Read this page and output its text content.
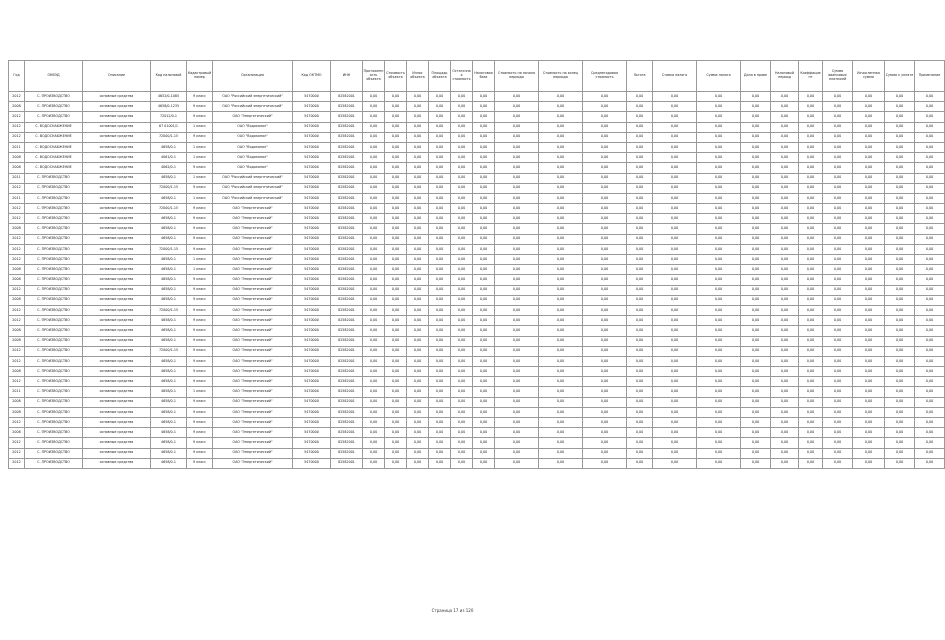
Год	ОКВЭД	Описание	Код налоговой	Кадастровый номер	Организация	Код ОКТМО	ИНН	Протяженность объекта	Стоимость объекта	Износ объекта	Площадь объекта	Остаточная стоимость	Налоговая база	Стоимость на начало периода	Стоимость на конец периода	Среднегодовая стоимость	Льгота	Ставка налога	Сумма налога	Доля в праве	Налоговый период	Коэффициент	Сумма авансовых платежей	Исчисленная сумма	Сумма к уплате	Примечание
2012	С. ПРОИЗВОДСТВО	основные средства	4652/0-1085	9 класс	ОАО "Российский энергетический"	5470000	82582001	0,00	0,00	0,00	0,00	0,00	0,00	0,00	0,00	0,00	0,00	0,00	0,00	0,00	0,00	0,00	0,00	0,00	0,00	0,00
2008	С. ПРОИЗВОДСТВО	основные средства	4658/0-1235	9 класс	ОАО "Российский энергетический"	5470000	82582001	0,00	0,00	0,00	0,00	0,00	0,00	0,00	0,00	0,00	0,00	0,00	0,00	0,00	0,00	0,00	0,00	0,00	0,00	0,00
2012	С. ПРОИЗВОДСТВО	основные средства	72012/0-1	9 класс	ОАО "Энергетический"	5470000	82582001	0,00	0,00	0,00	0,00	0,00	0,00	0,00	0,00	0,00	0,00	0,00	0,00	0,00	0,00	0,00	0,00	0,00	0,00	0,00
2012	С. ВОДОСНАБЖЕНИЕ	основные средства	67 01001/1	1 класс	ОАО "Водоканал"	5470000	82582001	0,00	0,00	0,00	0,00	0,00	0,00	0,00	0,00	0,00	0,00	0,00	0,00	0,00	0,00	0,00	0,00	0,00	0,00	0,00
2012	С. ВОДОСНАБЖЕНИЕ	основные средства	72000/1-15	9 класс	ОАО "Водоканал"	5470000	82582001	0,00	0,00	0,00	0,00	0,00	0,00	0,00	0,00	0,00	0,00	0,00	0,00	0,00	0,00	0,00	0,00	0,00	0,00	0,00
2011	С. ВОДОСНАБЖЕНИЕ	основные средства	4658/0-1	1 класс	ОАО "Водоканал"	5470000	82582001	0,00	0,00	0,00	0,00	0,00	0,00	0,00	0,00	0,00	0,00	0,00	0,00	0,00	0,00	0,00	0,00	0,00	0,00	0,00
2008	С. ВОДОСНАБЖЕНИЕ	основные средства	4061/0-1	1 класс	ОАО "Водоканал"	5470000	82582001	0,00	0,00	0,00	0,00	0,00	0,00	0,00	0,00	0,00	0,00	0,00	0,00	0,00	0,00	0,00	0,00	0,00	0,00	0,00
2008	С. ВОДОСНАБЖЕНИЕ	основные средства	4062/0-1	9 класс	ОАО "Водоканал"	5470000	82582001	0,00	0,00	0,00	0,00	0,00	0,00	0,00	0,00	0,00	0,00	0,00	0,00	0,00	0,00	0,00	0,00	0,00	0,00	0,00
2011	С. ПРОИЗВОДСТВО	основные средства	4658/0-1	1 класс	ОАО "Российский энергетический"	5470000	82582001	0,00	0,00	0,00	0,00	0,00	0,00	0,00	0,00	0,00	0,00	0,00	0,00	0,00	0,00	0,00	0,00	0,00	0,00	0,00
2012	С. ПРОИЗВОДСТВО	основные средства	72000/1-15	9 класс	ОАО "Российский энергетический"	5470000	82582001	0,00	0,00	0,00	0,00	0,00	0,00	0,00	0,00	0,00	0,00	0,00	0,00	0,00	0,00	0,00	0,00	0,00	0,00	0,00
2011	С. ПРОИЗВОДСТВО	основные средства	4658/0-1	1 класс	ОАО "Российский энергетический"	5470000	82582001	0,00	0,00	0,00	0,00	0,00	0,00	0,00	0,00	0,00	0,00	0,00	0,00	0,00	0,00	0,00	0,00	0,00	0,00	0,00
2012	С. ПРОИЗВОДСТВО	основные средства	72000/1-15	9 класс	ОАО "Энергетический"	5470000	82582001	0,00	0,00	0,00	0,00	0,00	0,00	0,00	0,00	0,00	0,00	0,00	0,00	0,00	0,00	0,00	0,00	0,00	0,00	0,00
2012	С. ПРОИЗВОДСТВО	основные средства	4658/0-1	9 класс	ОАО "Энергетический"	5470000	82582001	0,00	0,00	0,00	0,00	0,00	0,00	0,00	0,00	0,00	0,00	0,00	0,00	0,00	0,00	0,00	0,00	0,00	0,00	0,00
2008	С. ПРОИЗВОДСТВО	основные средства	4658/0-1	9 класс	ОАО "Энергетический"	5470000	82582001	0,00	0,00	0,00	0,00	0,00	0,00	0,00	0,00	0,00	0,00	0,00	0,00	0,00	0,00	0,00	0,00	0,00	0,00	0,00
2012	С. ПРОИЗВОДСТВО	основные средства	4658/0-1	9 класс	ОАО "Энергетический"	5470000	82582001	0,00	0,00	0,00	0,00	0,00	0,00	0,00	0,00	0,00	0,00	0,00	0,00	0,00	0,00	0,00	0,00	0,00	0,00	0,00
2012	С. ПРОИЗВОДСТВО	основные средства	72000/1-15	9 класс	ОАО "Энергетический"	5470000	82582001	0,00	0,00	0,00	0,00	0,00	0,00	0,00	0,00	0,00	0,00	0,00	0,00	0,00	0,00	0,00	0,00	0,00	0,00	0,00
2012	С. ПРОИЗВОДСТВО	основные средства	4658/0-1	1 класс	ОАО "Энергетический"	5470000	82582001	0,00	0,00	0,00	0,00	0,00	0,00	0,00	0,00	0,00	0,00	0,00	0,00	0,00	0,00	0,00	0,00	0,00	0,00	0,00
2008	С. ПРОИЗВОДСТВО	основные средства	4658/0-1	1 класс	ОАО "Энергетический"	5470000	82582001	0,00	0,00	0,00	0,00	0,00	0,00	0,00	0,00	0,00	0,00	0,00	0,00	0,00	0,00	0,00	0,00	0,00	0,00	0,00
2008	С. ПРОИЗВОДСТВО	основные средства	4658/0-1	9 класс	ОАО "Энергетический"	5470000	82582001	0,00	0,00	0,00	0,00	0,00	0,00	0,00	0,00	0,00	0,00	0,00	0,00	0,00	0,00	0,00	0,00	0,00	0,00	0,00
2012	С. ПРОИЗВОДСТВО	основные средства	4658/0-1	9 класс	ОАО "Энергетический"	5470000	82582001	0,00	0,00	0,00	0,00	0,00	0,00	0,00	0,00	0,00	0,00	0,00	0,00	0,00	0,00	0,00	0,00	0,00	0,00	0,00
2008	С. ПРОИЗВОДСТВО	основные средства	4658/0-1	9 класс	ОАО "Энергетический"	5470000	82582001	0,00	0,00	0,00	0,00	0,00	0,00	0,00	0,00	0,00	0,00	0,00	0,00	0,00	0,00	0,00	0,00	0,00	0,00	0,00
2012	С. ПРОИЗВОДСТВО	основные средства	72000/1-15	9 класс	ОАО "Энергетический"	5470000	82582001	0,00	0,00	0,00	0,00	0,00	0,00	0,00	0,00	0,00	0,00	0,00	0,00	0,00	0,00	0,00	0,00	0,00	0,00	0,00
2012	С. ПРОИЗВОДСТВО	основные средства	4658/0-1	9 класс	ОАО "Энергетический"	5470000	82582001	0,00	0,00	0,00	0,00	0,00	0,00	0,00	0,00	0,00	0,00	0,00	0,00	0,00	0,00	0,00	0,00	0,00	0,00	0,00
2008	С. ПРОИЗВОДСТВО	основные средства	4658/0-1	9 класс	ОАО "Энергетический"	5470000	82582001	0,00	0,00	0,00	0,00	0,00	0,00	0,00	0,00	0,00	0,00	0,00	0,00	0,00	0,00	0,00	0,00	0,00	0,00	0,00
2008	С. ПРОИЗВОДСТВО	основные средства	4658/0-1	9 класс	ОАО "Энергетический"	5470000	82582001	0,00	0,00	0,00	0,00	0,00	0,00	0,00	0,00	0,00	0,00	0,00	0,00	0,00	0,00	0,00	0,00	0,00	0,00	0,00
2012	С. ПРОИЗВОДСТВО	основные средства	72000/1-15	9 класс	ОАО "Энергетический"	5470000	82582001	0,00	0,00	0,00	0,00	0,00	0,00	0,00	0,00	0,00	0,00	0,00	0,00	0,00	0,00	0,00	0,00	0,00	0,00	0,00
2012	С. ПРОИЗВОДСТВО	основные средства	4658/0-1	9 класс	ОАО "Энергетический"	5470000	82582001	0,00	0,00	0,00	0,00	0,00	0,00	0,00	0,00	0,00	0,00	0,00	0,00	0,00	0,00	0,00	0,00	0,00	0,00	0,00
2008	С. ПРОИЗВОДСТВО	основные средства	4658/0-1	9 класс	ОАО "Энергетический"	5470000	82582001	0,00	0,00	0,00	0,00	0,00	0,00	0,00	0,00	0,00	0,00	0,00	0,00	0,00	0,00	0,00	0,00	0,00	0,00	0,00
2012	С. ПРОИЗВОДСТВО	основные средства	4658/0-1	9 класс	ОАО "Энергетический"	5470000	82582001	0,00	0,00	0,00	0,00	0,00	0,00	0,00	0,00	0,00	0,00	0,00	0,00	0,00	0,00	0,00	0,00	0,00	0,00	0,00
2011	С. ПРОИЗВОДСТВО	основные средства	4658/0-1	1 класс	ОАО "Энергетический"	5470000	82582001	0,00	0,00	0,00	0,00	0,00	0,00	0,00	0,00	0,00	0,00	0,00	0,00	0,00	0,00	0,00	0,00	0,00	0,00	0,00
2008	С. ПРОИЗВОДСТВО	основные средства	4658/0-1	9 класс	ОАО "Энергетический"	5470000	82582001	0,00	0,00	0,00	0,00	0,00	0,00	0,00	0,00	0,00	0,00	0,00	0,00	0,00	0,00	0,00	0,00	0,00	0,00	0,00
2008	С. ПРОИЗВОДСТВО	основные средства	4658/0-1	9 класс	ОАО "Энергетический"	5470000	82582001	0,00	0,00	0,00	0,00	0,00	0,00	0,00	0,00	0,00	0,00	0,00	0,00	0,00	0,00	0,00	0,00	0,00	0,00	0,00
2012	С. ПРОИЗВОДСТВО	основные средства	4658/0-1	9 класс	ОАО "Энергетический"	5470000	82582001	0,00	0,00	0,00	0,00	0,00	0,00	0,00	0,00	0,00	0,00	0,00	0,00	0,00	0,00	0,00	0,00	0,00	0,00	0,00
2008	С. ПРОИЗВОДСТВО	основные средства	4658/0-1	9 класс	ОАО "Энергетический"	5470000	82582001	0,00	0,00	0,00	0,00	0,00	0,00	0,00	0,00	0,00	0,00	0,00	0,00	0,00	0,00	0,00	0,00	0,00	0,00	0,00
2012	С. ПРОИЗВОДСТВО	основные средства	4658/0-1	9 класс	ОАО "Энергетический"	5470000	82582001	0,00	0,00	0,00	0,00	0,00	0,00	0,00	0,00	0,00	0,00	0,00	0,00	0,00	0,00	0,00	0,00	0,00	0,00	0,00
2012	С. ПРОИЗВОДСТВО	основные средства	4658/0-1	9 класс	ОАО "Энергетический"	5470000	82582001	0,00	0,00	0,00	0,00	0,00	0,00	0,00	0,00	0,00	0,00	0,00	0,00	0,00	0,00	0,00	0,00	0,00	0,00	0,00
2012	С. ПРОИЗВОДСТВО	основные средства	4658/0-1	9 класс	ОАО "Энергетический"	5470000	82582001	0,00	0,00	0,00	0,00	0,00	0,00	0,00	0,00	0,00	0,00	0,00	0,00	0,00	0,00	0,00	0,00	0,00	0,00	0,00
Страница 17 из 120
